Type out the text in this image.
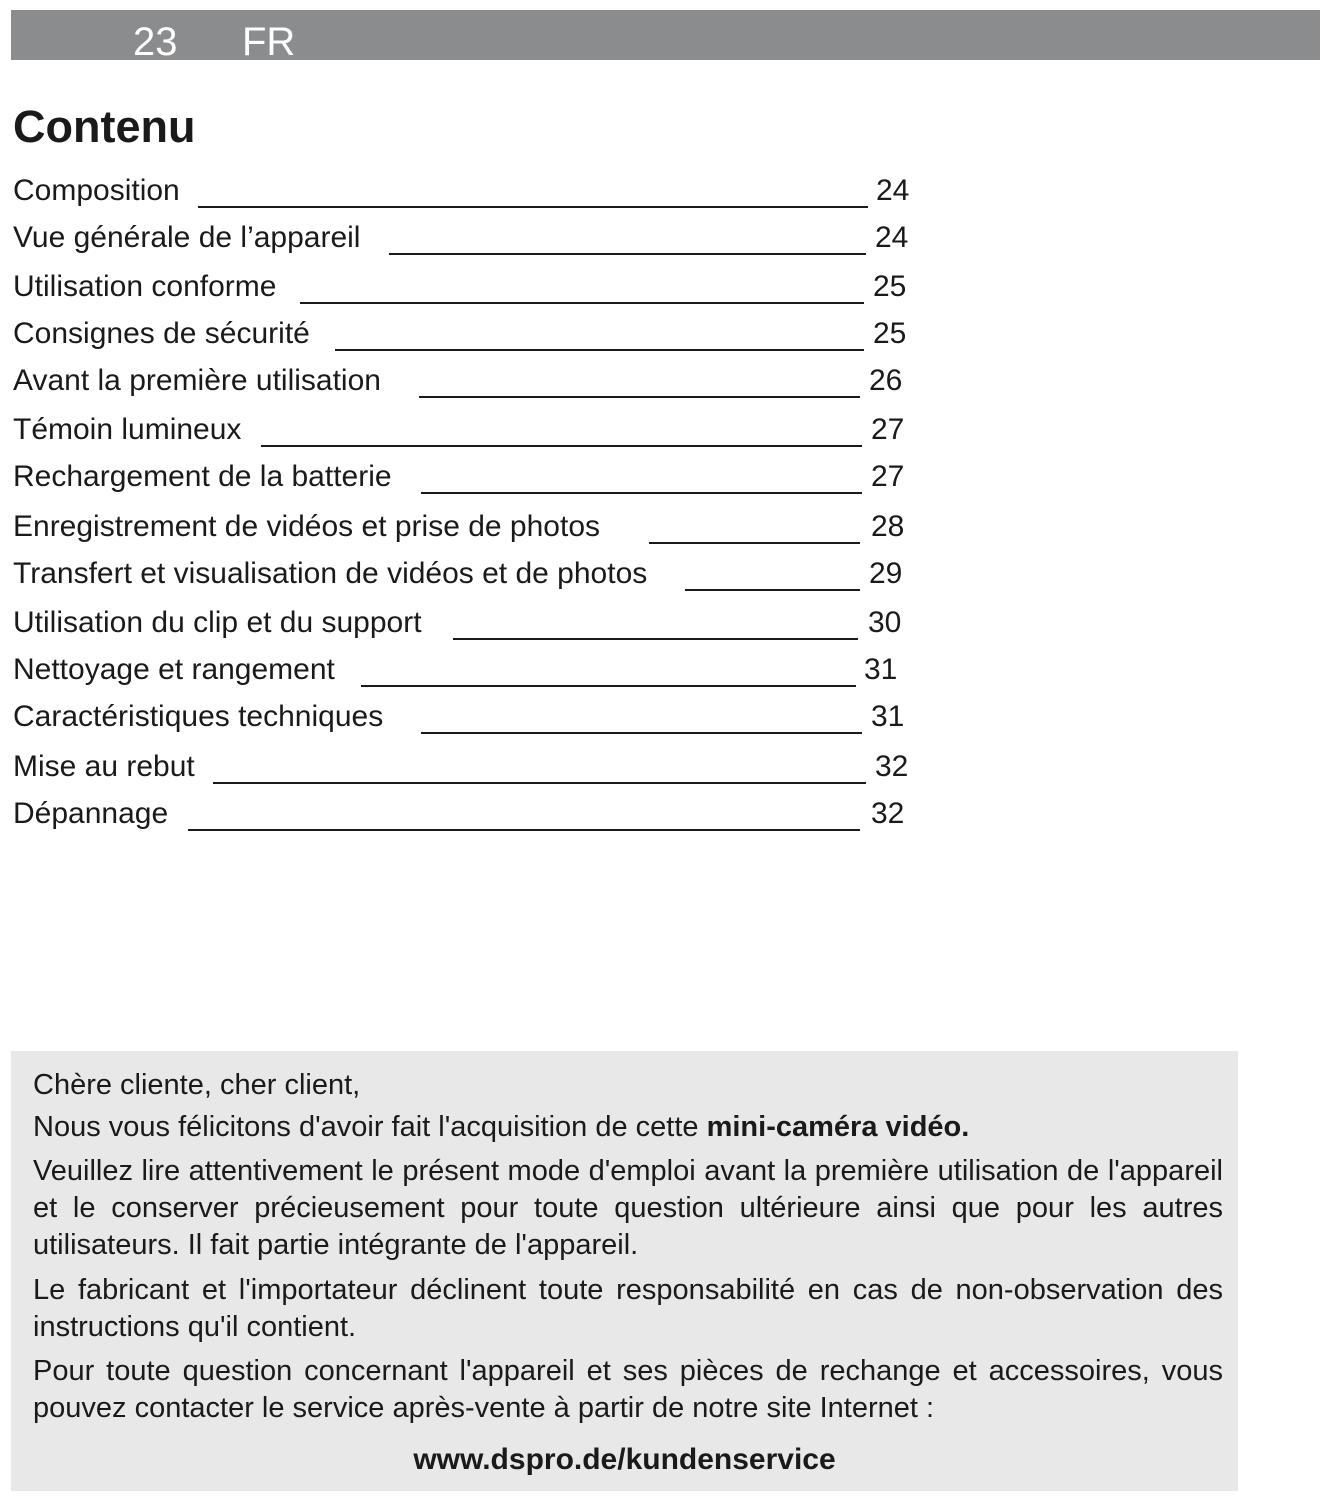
23 FR
Contenu
Composition	24
Vue générale de l’appareil	24
Utilisation conforme	25
Consignes de sécurité	25
Avant la première utilisation	26
Témoin lumineux	27
Rechargement de la batterie	27
Enregistrement de vidéos et prise de photos	28
Transfert et visualisation de vidéos et de photos	29
Utilisation du clip et du support	30
Nettoyage et rangement	31
Caractéristiques techniques	31
Mise au rebut	32
Dépannage	32

Chère cliente, cher client,

Nous vous félicitons d'avoir fait l'acquisition de cette mini-caméra vidéo.

Veuillez lire attentivement le présent mode d'emploi avant la première utilisation de l'appareil et le conserver précieusement pour toute question ultérieure ainsi que pour les autres utilisateurs. Il fait partie intégrante de l'appareil.

Le fabricant et l'importateur déclinent toute responsabilité en cas de non-observation des instructions qu'il contient.

Pour toute question concernant l'appareil et ses pièces de rechange et accessoires, vous pouvez contacter le service après-vente à partir de notre site Internet :

www.dspro.de/kundenservice
